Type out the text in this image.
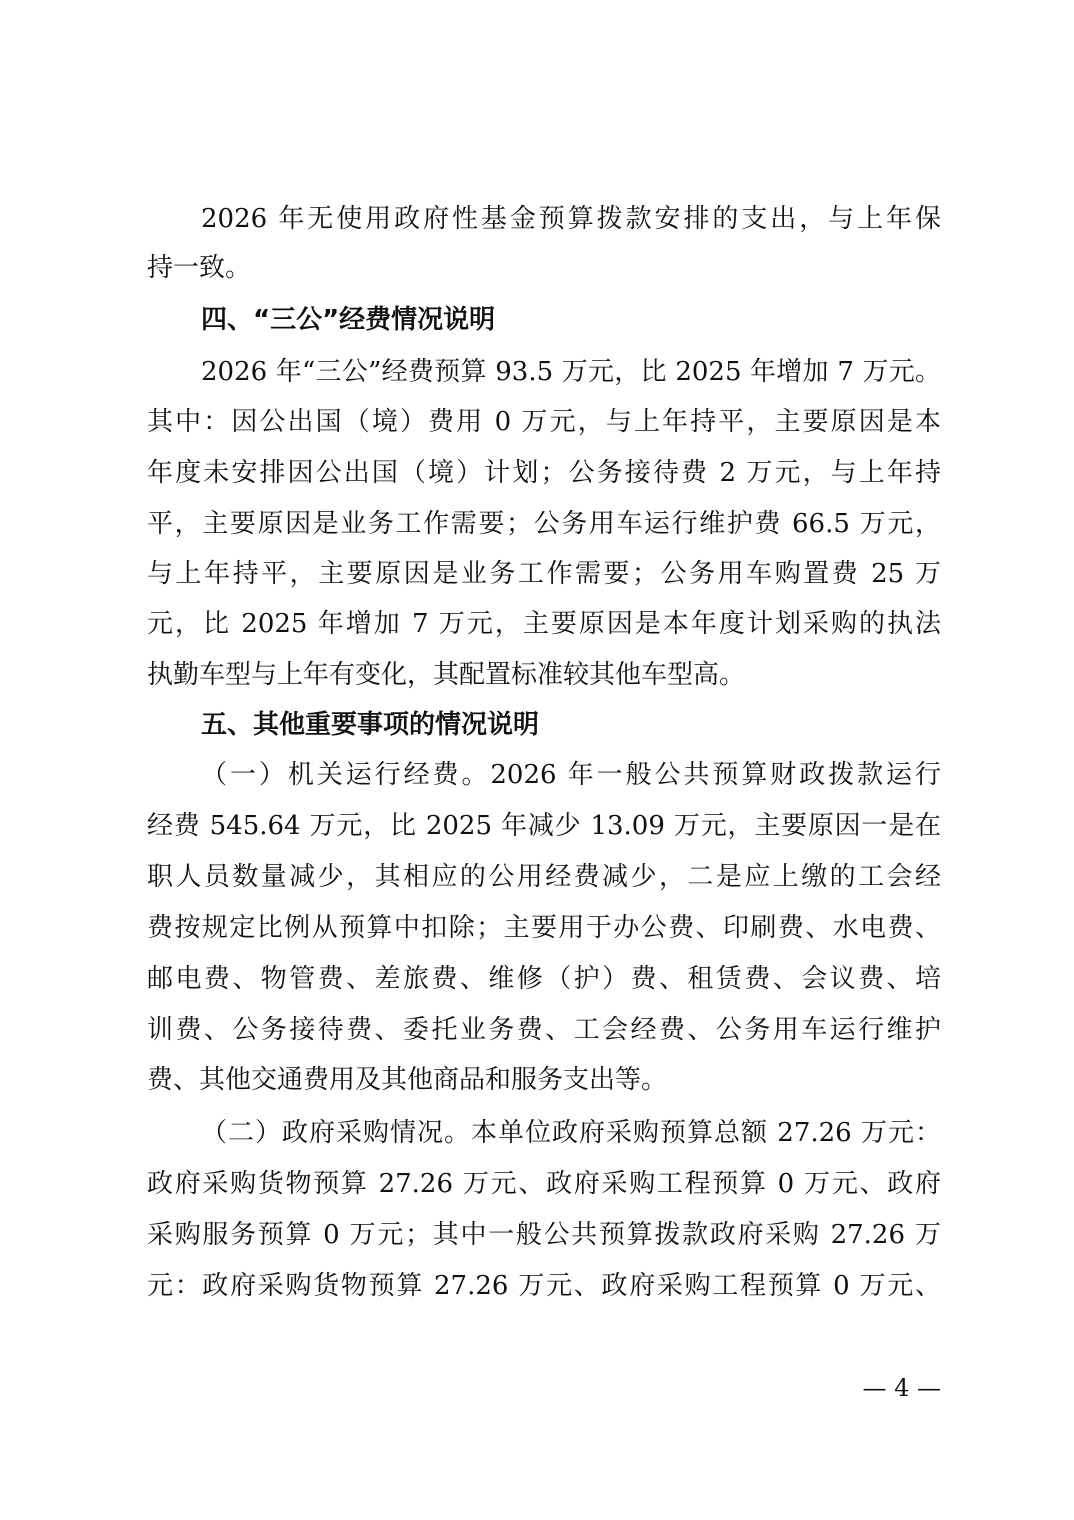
2026 年无使用政府性基金预算拨款安排的支出，与上年保
持一致。
四、“三公”经费情况说明
2026 年“三公”经费预算 93.5 万元，比 2025 年增加 7 万元。
其中：因公出国（境）费用 0 万元，与上年持平，主要原因是本
年度未安排因公出国（境）计划；公务接待费 2 万元，与上年持
平，主要原因是业务工作需要；公务用车运行维护费 66.5 万元，
与上年持平，主要原因是业务工作需要；公务用车购置费 25 万
元，比 2025 年增加 7 万元，主要原因是本年度计划采购的执法
执勤车型与上年有变化，其配置标准较其他车型高。
五、其他重要事项的情况说明
（一）机关运行经费。2026 年一般公共预算财政拨款运行
经费 545.64 万元，比 2025 年减少 13.09 万元，主要原因一是在
职人员数量减少，其相应的公用经费减少，二是应上缴的工会经
费按规定比例从预算中扣除；主要用于办公费、印刷费、水电费、
邮电费、物管费、差旅费、维修（护）费、租赁费、会议费、培
训费、公务接待费、委托业务费、工会经费、公务用车运行维护
费、其他交通费用及其他商品和服务支出等。
（二）政府采购情况。本单位政府采购预算总额 27.26 万元：
政府采购货物预算 27.26 万元、政府采购工程预算 0 万元、政府
采购服务预算 0 万元；其中一般公共预算拨款政府采购 27.26 万
元：政府采购货物预算 27.26 万元、政府采购工程预算 0 万元、
— 4 —
